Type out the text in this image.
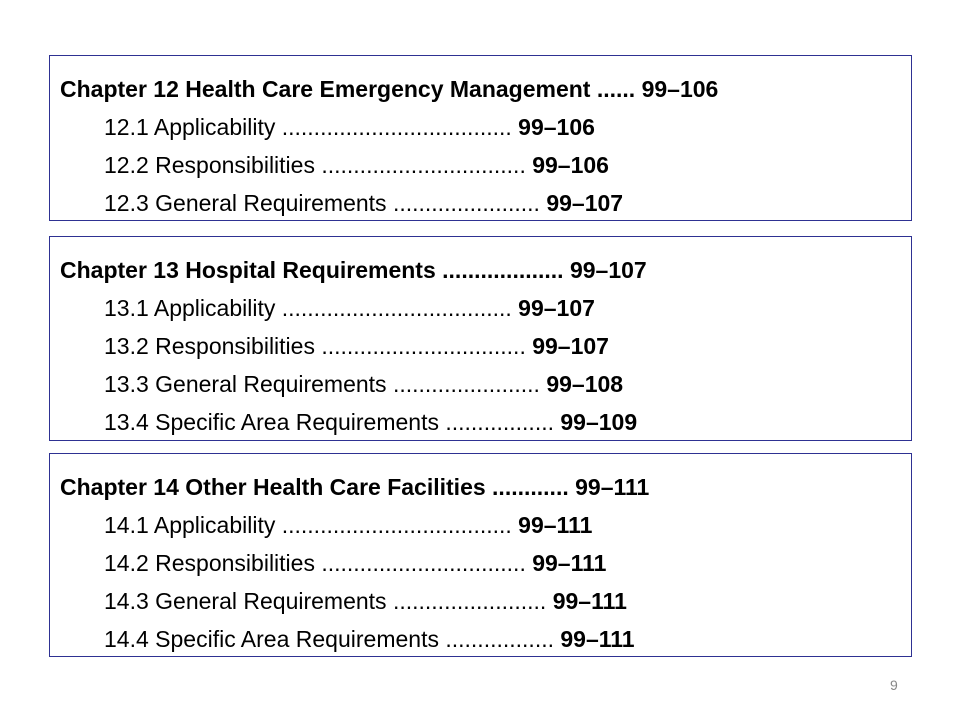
Chapter 12 Health Care Emergency Management ...... 99–106
12.1 Applicability .................................... 99–106
12.2 Responsibilities ................................ 99–106
12.3 General Requirements ....................... 99–107
Chapter 13 Hospital Requirements ................... 99–107
13.1 Applicability .................................... 99–107
13.2 Responsibilities ................................ 99–107
13.3 General Requirements ....................... 99–108
13.4 Specific Area Requirements ................. 99–109
Chapter 14 Other Health Care Facilities ............ 99–111
14.1 Applicability .................................... 99–111
14.2 Responsibilities ................................ 99–111
14.3 General Requirements ........................ 99–111
14.4 Specific Area Requirements ................. 99–111
9
